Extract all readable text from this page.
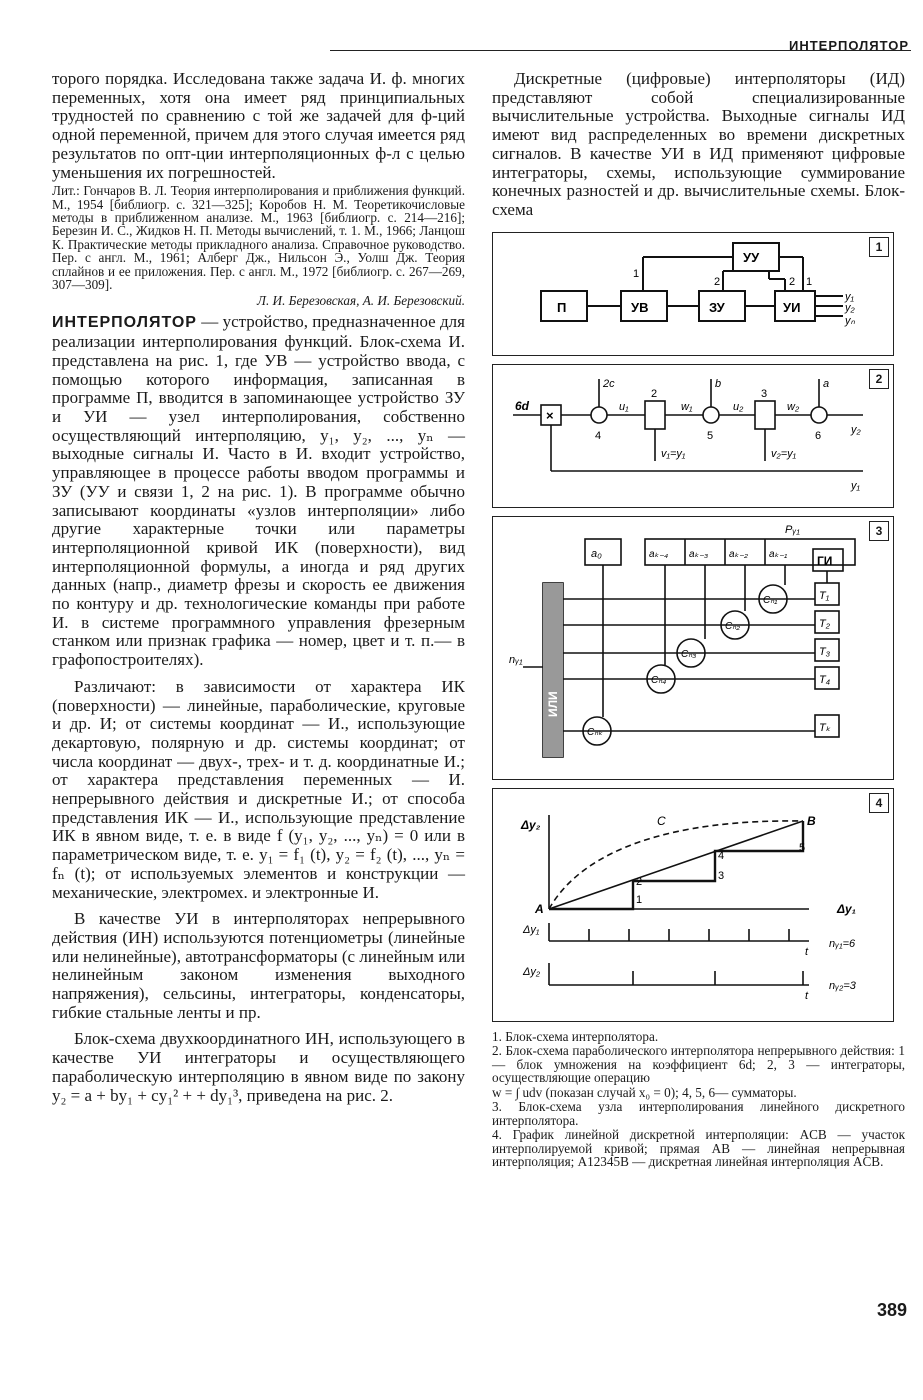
ИНТЕРПОЛЯТОР

торого порядка. Исследована также задача И. ф. многих переменных, хотя она имеет ряд принципиальных трудностей по сравнению с той же задачей для ф-ций одной переменной, причем для этого случая имеется ряд результатов по опт-ции интерполяционных ф-л с целью уменьшения их погрешностей.

Лит.: Гончаров В. Л. Теория интерполирования и приближения функций. М., 1954 [библиогр. с. 321—325]; Коробов Н. М. Теоретикочисловые методы в приближенном анализе. М., 1963 [библиогр. с. 214—216]; Березин И. С., Жидков Н. П. Методы вычислений, т. 1. М., 1966; Ланцош К. Практические методы прикладного анализа. Справочное руководство. Пер. с англ. М., 1961; Алберг Дж., Нильсон Э., Уолш Дж. Теория сплайнов и ее приложения. Пер. с англ. М., 1972 [библиогр. с. 267—269, 307—309].

Л. И. Березовская, А. И. Березовский.

ИНТЕРПОЛЯТОР — устройство, предназначенное для реализации интерполирования функций. Блок-схема И. представлена на рис. 1, где УВ — устройство ввода, с помощью которого информация, записанная в программе П, вводится в запоминающее устройство ЗУ и УИ — узел интерполирования, собственно осуществляющий интерполяцию, y₁, y₂, ..., yₙ — выходные сигналы И. Часто в И. входит устройство, управляющее в процессе работы вводом программы и ЗУ (УУ и связи 1, 2 на рис. 1). В программе обычно записывают координаты «узлов интерполяции» либо другие характерные точки или параметры интерполяционной кривой ИК (поверхности), вид интерполяционной формулы, а иногда и ряд других данных (напр., диаметр фрезы и скорость ее движения по контуру и др. технологические команды при работе И. в системе программного управления фрезерным станком или признак графика — номер, цвет и т. п.— в графопостроителях).

Различают: в зависимости от характера ИК (поверхности) — линейные, параболические, круговые и др. И; от системы координат — И., использующие декартовую, полярную и др. системы координат; от числа координат — двух-, трех- и т. д. координатные И.; от характера представления переменных — И. непрерывного действия и дискретные И.; от способа представления ИК — И., использующие представление ИК в явном виде, т. е. в виде f (y₁, y₂, ..., yₙ) = 0 или в параметрическом виде, т. е. y₁ = f₁ (t), y₂ = f₂ (t), ..., yₙ = fₙ (t); от используемых элементов и конструкции — механические, электромех. и электронные И.

В качестве УИ в интерполяторах непрерывного действия (ИН) используются потенциометры (линейные или нелинейные), автотрансформаторы (с линейным или нелинейным законом изменения выходного напряжения), сельсины, интеграторы, конденсаторы, гибкие стальные ленты и пр.

Блок-схема двухкоординатного ИН, использующего в качестве УИ интеграторы и осуществляющего параболическую интерполяцию в явном виде по закону y₂ = a + by₁ + cy₁² + + dy₁³, приведена на рис. 2.

Дискретные (цифровые) интерполяторы (ИД) представляют собой специализированные вычислительные устройства. Выходные сигналы ИД имеют вид распределенных во времени дискретных сигналов. В качестве УИ в ИД применяют цифровые интеграторы, схемы, использующие суммирование конечных разностей и др. вычислительные схемы. Блок-схема

1
П	УВ	ЗУ	УИ
УУ
1
2	2 1
y₁
y₂
yₙ
2
6d
×
2c	b	a
u₁	w₁	u₂	w₂
v₁=y₁	v₂=y₁
2	3
4	5	6	y₂
y₁
3
a₀	aₖ₋₄ aₖ₋₃ aₖ₋₂ aₖ₋₁ ГИ
Pᵧ₁
ИЛИ
nᵧ₁
T₁
T₂
T₃
T₄
Tₖ
Cₙ₁
Cₙ₂
Cₙ₃
Cₙ₄
Cₙₖ
4
Δy₂
Δy₁
C
A
B
1
2	3
4
5
Δy₁
Δy₂
t
t
nᵧ₁=6
nᵧ₂=3
1. Блок-схема интерполятора.
2. Блок-схема параболического интерполятора непрерывного действия: 1 — блок умножения на коэффициент 6d; 2, 3 — интеграторы, осуществляющие операцию
w = ∫ udv (показан случай x₀ = 0); 4, 5, 6— сумматоры.
3. Блок-схема узла интерполирования линейного дискретного интерполятора.
4. График линейной дискретной интерполяции: ACB — участок интерполируемой кривой; прямая AB — линейная непрерывная интерполяция; A12345B — дискретная линейная интерполяция ACB.
389
